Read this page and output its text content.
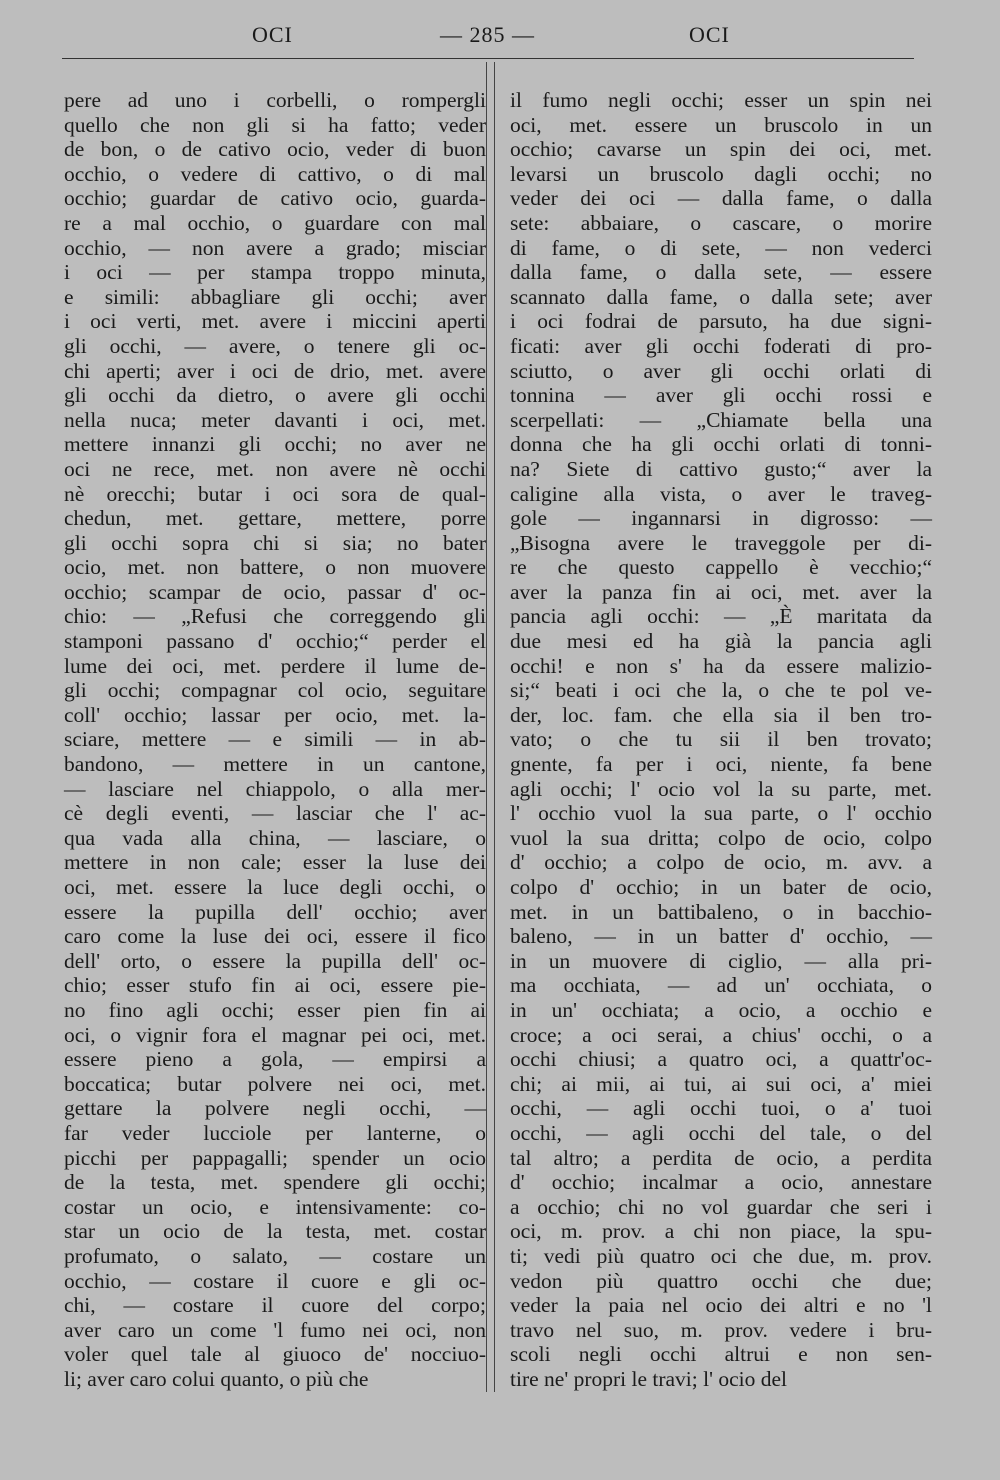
OCI	— 285 —	OCI
pere ad uno i corbelli, o rompergli
quello che non gli si ha fatto; veder
de bon, o de cativo ocio, veder di buon
occhio, o vedere di cattivo, o di mal
occhio; guardar de cativo ocio, guarda-
re a mal occhio, o guardare con mal
occhio, — non avere a grado; misciar
i oci — per stampa troppo minuta,
e simili: abbagliare gli occhi; aver
i oci verti, met. avere i miccini aperti
gli occhi, — avere, o tenere gli oc-
chi aperti; aver i oci de drio, met. avere
gli occhi da dietro, o avere gli occhi
nella nuca; meter davanti i oci, met.
mettere innanzi gli occhi; no aver ne
oci ne rece, met. non avere nè occhi
nè orecchi; butar i oci sora de qual-
chedun, met. gettare, mettere, porre
gli occhi sopra chi si sia; no bater
ocio, met. non battere, o non muovere
occhio; scampar de ocio, passar d' oc-
chio: — „Refusi che correggendo gli
stamponi passano d' occhio;“ perder el
lume dei oci, met. perdere il lume de-
gli occhi; compagnar col ocio, seguitare
coll' occhio; lassar per ocio, met. la-
sciare, mettere — e simili — in ab-
bandono, — mettere in un cantone,
— lasciare nel chiappolo, o alla mer-
cè degli eventi, — lasciar che l' ac-
qua vada alla china, — lasciare, o
mettere in non cale; esser la luse dei
oci, met. essere la luce degli occhi, o
essere la pupilla dell' occhio; aver
caro come la luse dei oci, essere il fico
dell' orto, o essere la pupilla dell' oc-
chio; esser stufo fin ai oci, essere pie-
no fino agli occhi; esser pien fin ai
oci, o vignir fora el magnar pei oci, met.
essere pieno a gola, — empirsi a
boccatica; butar polvere nei oci, met.
gettare la polvere negli occhi, —
far veder lucciole per lanterne, o
picchi per pappagalli; spender un ocio
de la testa, met. spendere gli occhi;
costar un ocio, e intensivamente: co-
star un ocio de la testa, met. costar
profumato, o salato, — costare un
occhio, — costare il cuore e gli oc-
chi, — costare il cuore del corpo;
aver caro un come 'l fumo nei oci, non
voler quel tale al giuoco de' nocciuo-
li; aver caro colui quanto, o più che
il fumo negli occhi; esser un spin nei
oci, met. essere un bruscolo in un
occhio; cavarse un spin dei oci, met.
levarsi un bruscolo dagli occhi; no
veder dei oci — dalla fame, o dalla
sete: abbaiare, o cascare, o morire
di fame, o di sete, — non vederci
dalla fame, o dalla sete, — essere
scannato dalla fame, o dalla sete; aver
i oci fodrai de parsuto, ha due signi-
ficati: aver gli occhi foderati di pro-
sciutto, o aver gli occhi orlati di
tonnina — aver gli occhi rossi e
scerpellati: — „Chiamate bella una
donna che ha gli occhi orlati di tonni-
na? Siete di cattivo gusto;“ aver la
caligine alla vista, o aver le traveg-
gole — ingannarsi in digrosso: —
„Bisogna avere le traveggole per di-
re che questo cappello è vecchio;“
aver la panza fin ai oci, met. aver la
pancia agli occhi: — „È maritata da
due mesi ed ha già la pancia agli
occhi! e non s' ha da essere malizio-
si;“ beati i oci che la, o che te pol ve-
der, loc. fam. che ella sia il ben tro-
vato; o che tu sii il ben trovato;
gnente, fa per i oci, niente, fa bene
agli occhi; l' ocio vol la su parte, met.
l' occhio vuol la sua parte, o l' occhio
vuol la sua dritta; colpo de ocio, colpo
d' occhio; a colpo de ocio, m. avv. a
colpo d' occhio; in un bater de ocio,
met. in un battibaleno, o in bacchio-
baleno, — in un batter d' occhio, —
in un muovere di ciglio, — alla pri-
ma occhiata, — ad un' occhiata, o
in un' occhiata; a ocio, a occhio e
croce; a oci serai, a chius' occhi, o a
occhi chiusi; a quatro oci, a quattr'oc-
chi; ai mii, ai tui, ai sui oci, a' miei
occhi, — agli occhi tuoi, o a' tuoi
occhi, — agli occhi del tale, o del
tal altro; a perdita de ocio, a perdita
d' occhio; incalmar a ocio, annestare
a occhio; chi no vol guardar che seri i
oci, m. prov. a chi non piace, la spu-
ti; vedi più quatro oci che due, m. prov.
vedon più quattro occhi che due;
veder la paia nel ocio dei altri e no 'l
travo nel suo, m. prov. vedere i bru-
scoli negli occhi altrui e non sen-
tire ne' propri le travi; l' ocio del
